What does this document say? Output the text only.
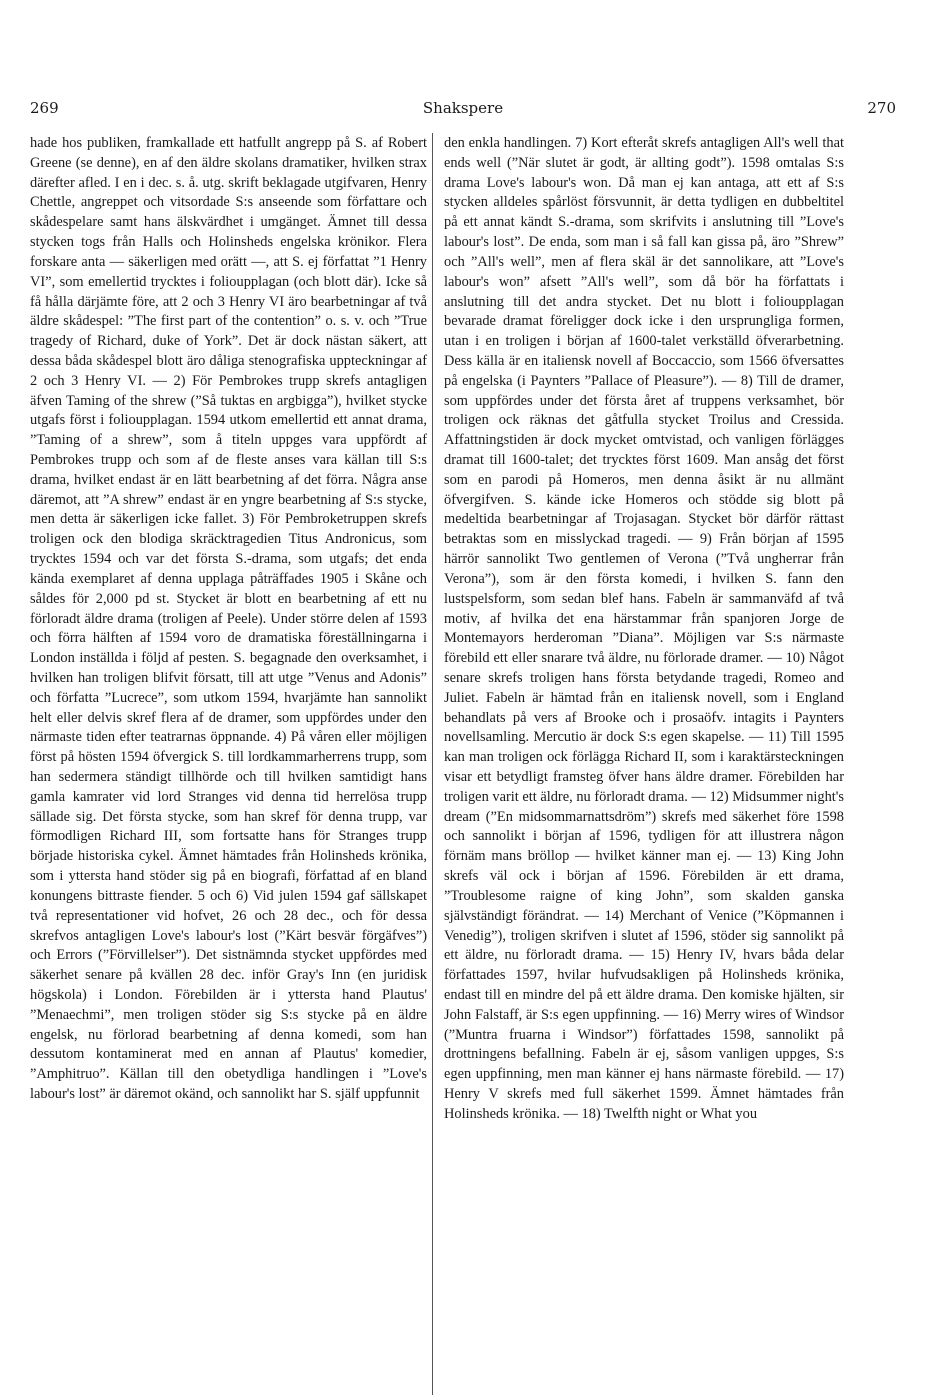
269	Shakspere	270

hade hos publiken, framkallade ett hatfullt angrepp på S. af Robert Greene (se denne), en af den äldre skolans dramatiker, hvilken strax därefter afled. I en i dec. s. å. utg. skrift beklagade utgifvaren, Henry Chettle, angreppet och vitsordade S:s anseende som författare och skådespelare samt hans älskvärdhet i umgänget. Ämnet till dessa stycken togs från Halls och Holinsheds engelska krönikor. Flera forskare anta — säkerligen med orätt —, att S. ej författat ”1 Henry VI”, som emellertid trycktes i folioupplagan (och blott där). Icke så få hålla därjämte före, att 2 och 3 Henry VI äro bearbetningar af två äldre skådespel: ”The first part of the contention” o. s. v. och ”True tragedy of Richard, duke of York”. Det är dock nästan säkert, att dessa båda skådespel blott äro dåliga stenografiska uppteckningar af 2 och 3 Henry VI. — 2) För Pembrokes trupp skrefs antagligen äfven Taming of the shrew (”Så tuktas en argbigga”), hvilket stycke utgafs först i folioupplagan. 1594 utkom emellertid ett annat drama, ”Taming of a shrew”, som å titeln uppges vara uppfördt af Pembrokes trupp och som af de fleste anses vara källan till S:s drama, hvilket endast är en lätt bearbetning af det förra. Några anse däremot, att ”A shrew” endast är en yngre bearbetning af S:s stycke, men detta är säkerligen icke fallet. 3) För Pembroketruppen skrefs troligen ock den blodiga skräcktragedien Titus Andronicus, som trycktes 1594 och var det första S.-drama, som utgafs; det enda kända exemplaret af denna upplaga påträffades 1905 i Skåne och såldes för 2,000 pd st. Stycket är blott en bearbetning af ett nu förloradt äldre drama (troligen af Peele). Under större delen af 1593 och förra hälften af 1594 voro de dramatiska föreställningarna i London inställda i följd af pesten. S. begagnade den overksamhet, i hvilken han troligen blifvit försatt, till att utge ”Venus and Adonis” och författa ”Lucrece”, som utkom 1594, hvarjämte han sannolikt helt eller delvis skref flera af de dramer, som uppfördes under den närmaste tiden efter teatrarnas öppnande. 4) På våren eller möjligen först på hösten 1594 öfvergick S. till lordkammarherrens trupp, som han sedermera ständigt tillhörde och till hvilken samtidigt hans gamla kamrater vid lord Stranges vid denna tid herrelösa trupp sällade sig. Det första stycke, som han skref för denna trupp, var förmodligen Richard III, som fortsatte hans för Stranges trupp började historiska cykel. Ämnet hämtades från Holinsheds krönika, som i yttersta hand stöder sig på en biografi, författad af en bland konungens bittraste fiender. 5 och 6) Vid julen 1594 gaf sällskapet två representationer vid hofvet, 26 och 28 dec., och för dessa skrefvos antagligen Love's labour's lost (”Kärt besvär förgäfves”) och Errors (”Förvillelser”). Det sistnämnda stycket uppfördes med säkerhet senare på kvällen 28 dec. inför Gray's Inn (en juridisk högskola) i London. Förebilden är i yttersta hand Plautus' ”Menaechmi”, men troligen stöder sig S:s stycke på en äldre engelsk, nu förlorad bearbetning af denna komedi, som han dessutom kontaminerat med en annan af Plautus' komedier, ”Amphitruo”. Källan till den obetydliga handlingen i ”Love's labour's lost” är däremot okänd, och sannolikt har S. själf uppfunnit

den enkla handlingen. 7) Kort efteråt skrefs antagligen All's well that ends well (”När slutet är godt, är allting godt”). 1598 omtalas S:s drama Love's labour's won. Då man ej kan antaga, att ett af S:s stycken alldeles spårlöst försvunnit, är detta tydligen en dubbeltitel på ett annat kändt S.-drama, som skrifvits i anslutning till ”Love's labour's lost”. De enda, som man i så fall kan gissa på, äro ”Shrew” och ”All's well”, men af flera skäl är det sannolikare, att ”Love's labour's won” afsett ”All's well”, som då bör ha författats i anslutning till det andra stycket. Det nu blott i folioupplagan bevarade dramat föreligger dock icke i den ursprungliga formen, utan i en troligen i början af 1600-talet verkställd öfverarbetning. Dess källa är en italiensk novell af Boccaccio, som 1566 öfversattes på engelska (i Paynters ”Pallace of Pleasure”). — 8) Till de dramer, som uppfördes under det första året af truppens verksamhet, bör troligen ock räknas det gåtfulla stycket Troilus and Cressida. Affattningstiden är dock mycket omtvistad, och vanligen förlägges dramat till 1600-talet; det trycktes först 1609. Man ansåg det först som en parodi på Homeros, men denna åsikt är nu allmänt öfvergifven. S. kände icke Homeros och stödde sig blott på medeltida bearbetningar af Trojasagan. Stycket bör därför rättast betraktas som en misslyckad tragedi. — 9) Från början af 1595 härrör sannolikt Two gentlemen of Verona (”Två ungherrar från Verona”), som är den första komedi, i hvilken S. fann den lustspelsform, som sedan blef hans. Fabeln är sammanväfd af två motiv, af hvilka det ena härstammar från spanjoren Jorge de Montemayors herderoman ”Diana”. Möjligen var S:s närmaste förebild ett eller snarare två äldre, nu förlorade dramer. — 10) Något senare skrefs troligen hans första betydande tragedi, Romeo and Juliet. Fabeln är hämtad från en italiensk novell, som i England behandlats på vers af Brooke och i prosaöfv. intagits i Paynters novellsamling. Mercutio är dock S:s egen skapelse. — 11) Till 1595 kan man troligen ock förlägga Richard II, som i karaktärsteckningen visar ett betydligt framsteg öfver hans äldre dramer. Förebilden har troligen varit ett äldre, nu förloradt drama. — 12) Midsummer night's dream (”En midsommarnattsdröm”) skrefs med säkerhet före 1598 och sannolikt i början af 1596, tydligen för att illustrera någon förnäm mans bröllop — hvilket känner man ej. — 13) King John skrefs väl ock i början af 1596. Förebilden är ett drama, ”Troublesome raigne of king John”, som skalden ganska självständigt förändrat. — 14) Merchant of Venice (”Köpmannen i Venedig”), troligen skrifven i slutet af 1596, stöder sig sannolikt på ett äldre, nu förloradt drama. — 15) Henry IV, hvars båda delar författades 1597, hvilar hufvudsakligen på Holinsheds krönika, endast till en mindre del på ett äldre drama. Den komiske hjälten, sir John Falstaff, är S:s egen uppfinning. — 16) Merry wires of Windsor (”Muntra fruarna i Windsor”) författades 1598, sannolikt på drottningens befallning. Fabeln är ej, såsom vanligen uppges, S:s egen uppfinning, men man känner ej hans närmaste förebild. — 17) Henry V skrefs med full säkerhet 1599. Ämnet hämtades från Holinsheds krönika. — 18) Twelfth night or What you
